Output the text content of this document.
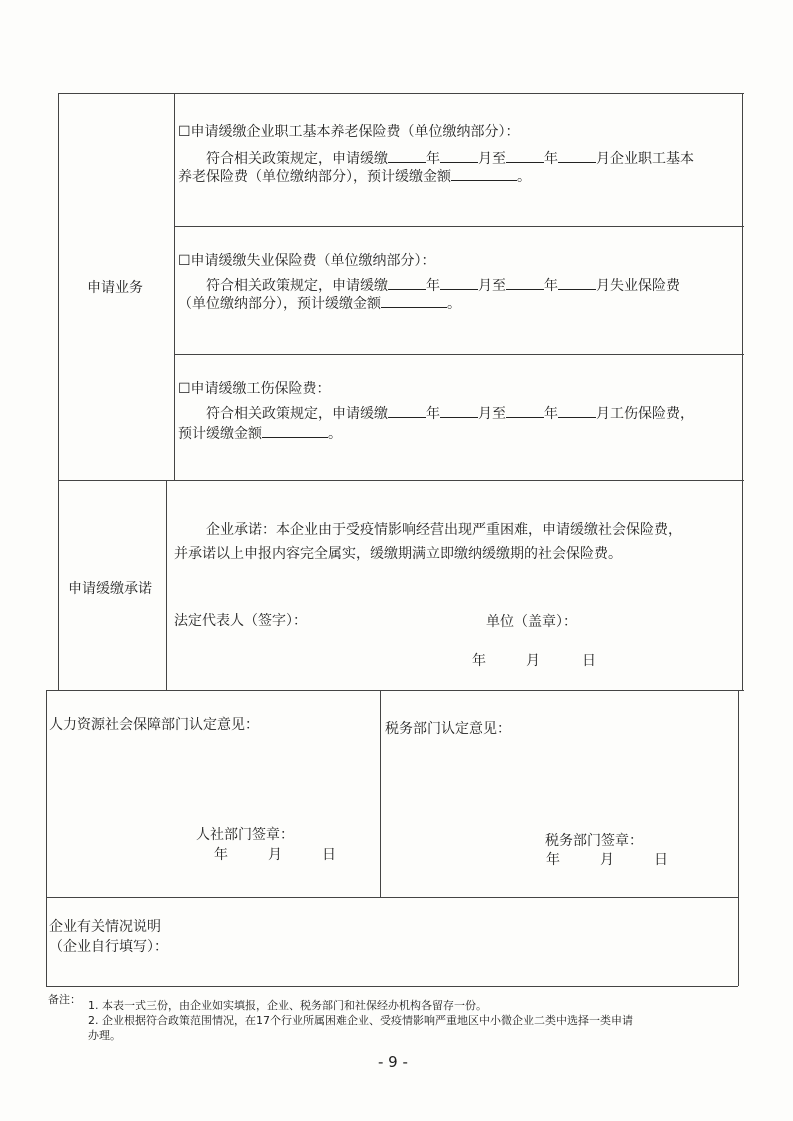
申请业务
☐申请缓缴企业职工基本养老保险费（单位缴纳部分）：
符合相关政策规定，申请缓缴	年	月至	年	月企业职工基本
养老保险费（单位缴纳部分），预计缓缴金额	。
☐申请缓缴失业保险费（单位缴纳部分）：
符合相关政策规定，申请缓缴	年	月至	年	月失业保险费
（单位缴纳部分），预计缓缴金额	。
☐申请缓缴工伤保险费：
符合相关政策规定，申请缓缴	年	月至	年	月工伤保险费，
预计缓缴金额	。
申请缓缴承诺
企业承诺：本企业由于受疫情影响经营出现严重困难，申请缓缴社会保险费，
并承诺以上申报内容完全属实，缓缴期满立即缴纳缓缴期的社会保险费。
法定代表人（签字）：	单位（盖章）：
年	月	日
人力资源社会保障部门认定意见：
人社部门签章：
年	月	日
税务部门认定意见：
税务部门签章：
年	月	日
企业有关情况说明
（企业自行填写）：
备注： 1. 本表一式三份，由企业如实填报，企业、税务部门和社保经办机构各留存一份。
2. 企业根据符合政策范围情况，在17个行业所属困难企业、受疫情影响严重地区中小微企业二类中选择一类申请
办理。
- 9 -
